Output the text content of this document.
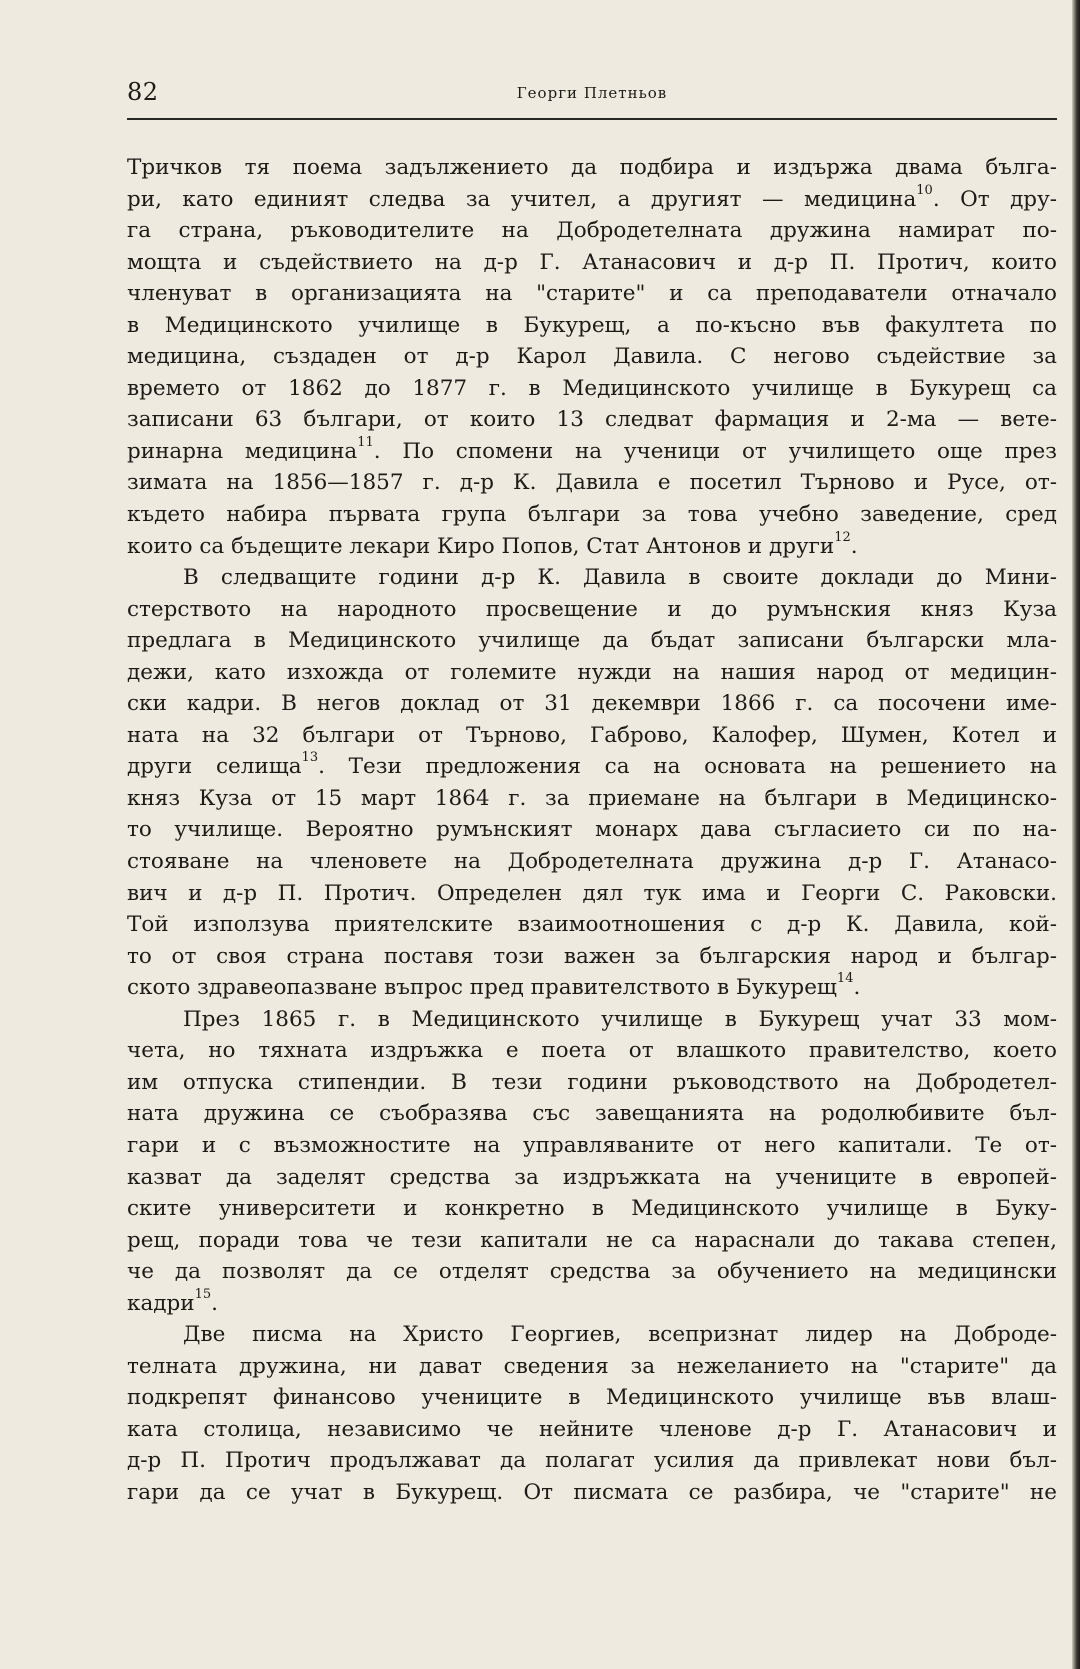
82	Георги Плетньов
Тричков тя поема задължението да подбира и издържа двама бълга-
ри, като единият следва за учител, а другият — медицина$^{10}$. От дру-
га страна, ръководителите на Добродетелната дружина намират по-
мощта и съдействието на д-р Г. Атанасович и д-р П. Протич, които
членуват в организацията на "старите" и са преподаватели отначало
в Медицинското училище в Букурещ, а по-късно във факултета по
медицина, създаден от д-р Карол Давила. С негово съдействие за
времето от 1862 до 1877 г. в Медицинското училище в Букурещ са
записани 63 българи, от които 13 следват фармация и 2-ма — вете-
ринарна медицина$^{11}$. По спомени на ученици от училището още през
зимата на 1856—1857 г. д-р К. Давила е посетил Търново и Русе, от-
където набира първата група българи за това учебно заведение, сред
които са бъдещите лекари Киро Попов, Стат Антонов и други$^{12}$.
В следващите години д-р К. Давила в своите доклади до Мини-
стерството на народното просвещение и до румънския княз Куза
предлага в Медицинското училище да бъдат записани български мла-
дежи, като изхожда от големите нужди на нашия народ от медицин-
ски кадри. В негов доклад от 31 декември 1866 г. са посочени име-
ната на 32 българи от Търново, Габрово, Калофер, Шумен, Котел и
други селища$^{13}$. Тези предложения са на основата на решението на
княз Куза от 15 март 1864 г. за приемане на българи в Медицинско-
то училище. Вероятно румънският монарх дава съгласието си по на-
стояване на членовете на Добродетелната дружина д-р Г. Атанасо-
вич и д-р П. Протич. Определен дял тук има и Георги С. Раковски.
Той използува приятелските взаимоотношения с д-р К. Давила, кой-
то от своя страна поставя този важен за българския народ и българ-
ското здравеопазване въпрос пред правителството в Букурещ$^{14}$.
През 1865 г. в Медицинското училище в Букурещ учат 33 мом-
чета, но тяхната издръжка е поета от влашкото правителство, което
им отпуска стипендии. В тези години ръководството на Добродетел-
ната дружина се съобразява със завещанията на родолюбивите бъл-
гари и с възможностите на управляваните от него капитали. Те от-
казват да заделят средства за издръжката на учениците в европей-
ските университети и конкретно в Медицинското училище в Буку-
рещ, поради това че тези капитали не са нараснали до такава степен,
че да позволят да се отделят средства за обучението на медицински
кадри$^{15}$.
Две писма на Христо Георгиев, всепризнат лидер на Доброде-
телната дружина, ни дават сведения за нежеланието на "старите" да
подкрепят финансово учениците в Медицинското училище във влаш-
ката столица, независимо че нейните членове д-р Г. Атанасович и
д-р П. Протич продължават да полагат усилия да привлекат нови бъл-
гари да се учат в Букурещ. От писмата се разбира, че "старите" не
